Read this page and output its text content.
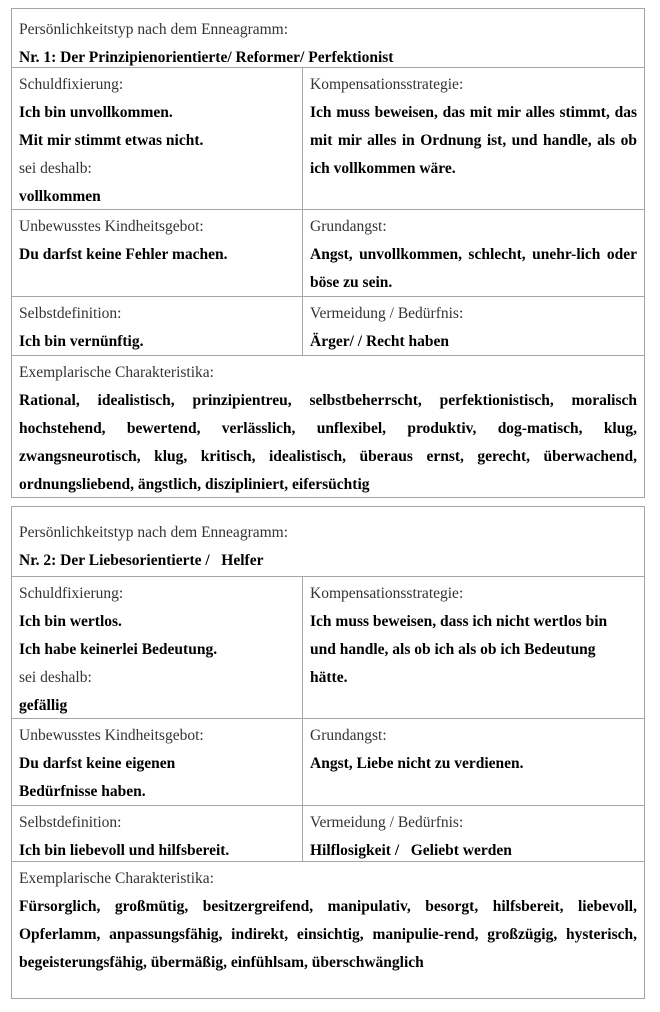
Persönlichkeitstyp nach dem Enneagramm:
Nr. 1: Der Prinzipienorientierte/ Reformer/ Perfektionist
Schuldfixierung:
Ich bin unvollkommen.
Mit mir stimmt etwas nicht.
sei deshalb:
vollkommen
Kompensationsstrategie:
Ich muss beweisen, das mit mir alles stimmt, das mit mir alles in Ordnung ist, und handle, als ob ich vollkommen wäre.
Unbewusstes Kindheitsgebot:
Du darfst keine Fehler machen.
Grundangst:
Angst, unvollkommen, schlecht, unehr-lich oder böse zu sein.
Selbstdefinition:
Ich bin vernünftig.
Vermeidung / Bedürfnis:
Ärger/ / Recht haben
Exemplarische Charakteristika:
Rational, idealistisch, prinzipientreu, selbstbeherrscht, perfektionistisch, moralisch hochstehend, bewertend, verlässlich, unflexibel, produktiv, dog-matisch, klug, zwangsneurotisch, klug, kritisch, idealistisch, überaus ernst, gerecht, überwachend, ordnungsliebend, ängstlich, diszipliniert, eifersüchtig
Persönlichkeitstyp nach dem Enneagramm:
Nr. 2: Der Liebesorientierte /   Helfer
Schuldfixierung:
Ich bin wertlos.
Ich habe keinerlei Bedeutung.
sei deshalb:
gefällig
Kompensationsstrategie:
Ich muss beweisen, dass ich nicht wertlos bin und handle, als ob ich als ob ich Bedeutung hätte.
Unbewusstes Kindheitsgebot:
Du darfst keine eigenen Bedürfnisse haben.
Grundangst:
Angst, Liebe nicht zu verdienen.
Selbstdefinition:
Ich bin liebevoll und hilfsbereit.
Vermeidung / Bedürfnis:
Hilflosigkeit /   Geliebt werden
Exemplarische Charakteristika:
Fürsorglich, großmütig, besitzergreifend, manipulativ, besorgt, hilfsbereit, liebevoll, Opferlamm, anpassungsfähig, indirekt, einsichtig, manipulie-rend, großzügig, hysterisch, begeisterungsfähig, übermäßig, einfühlsam, überschwänglich
